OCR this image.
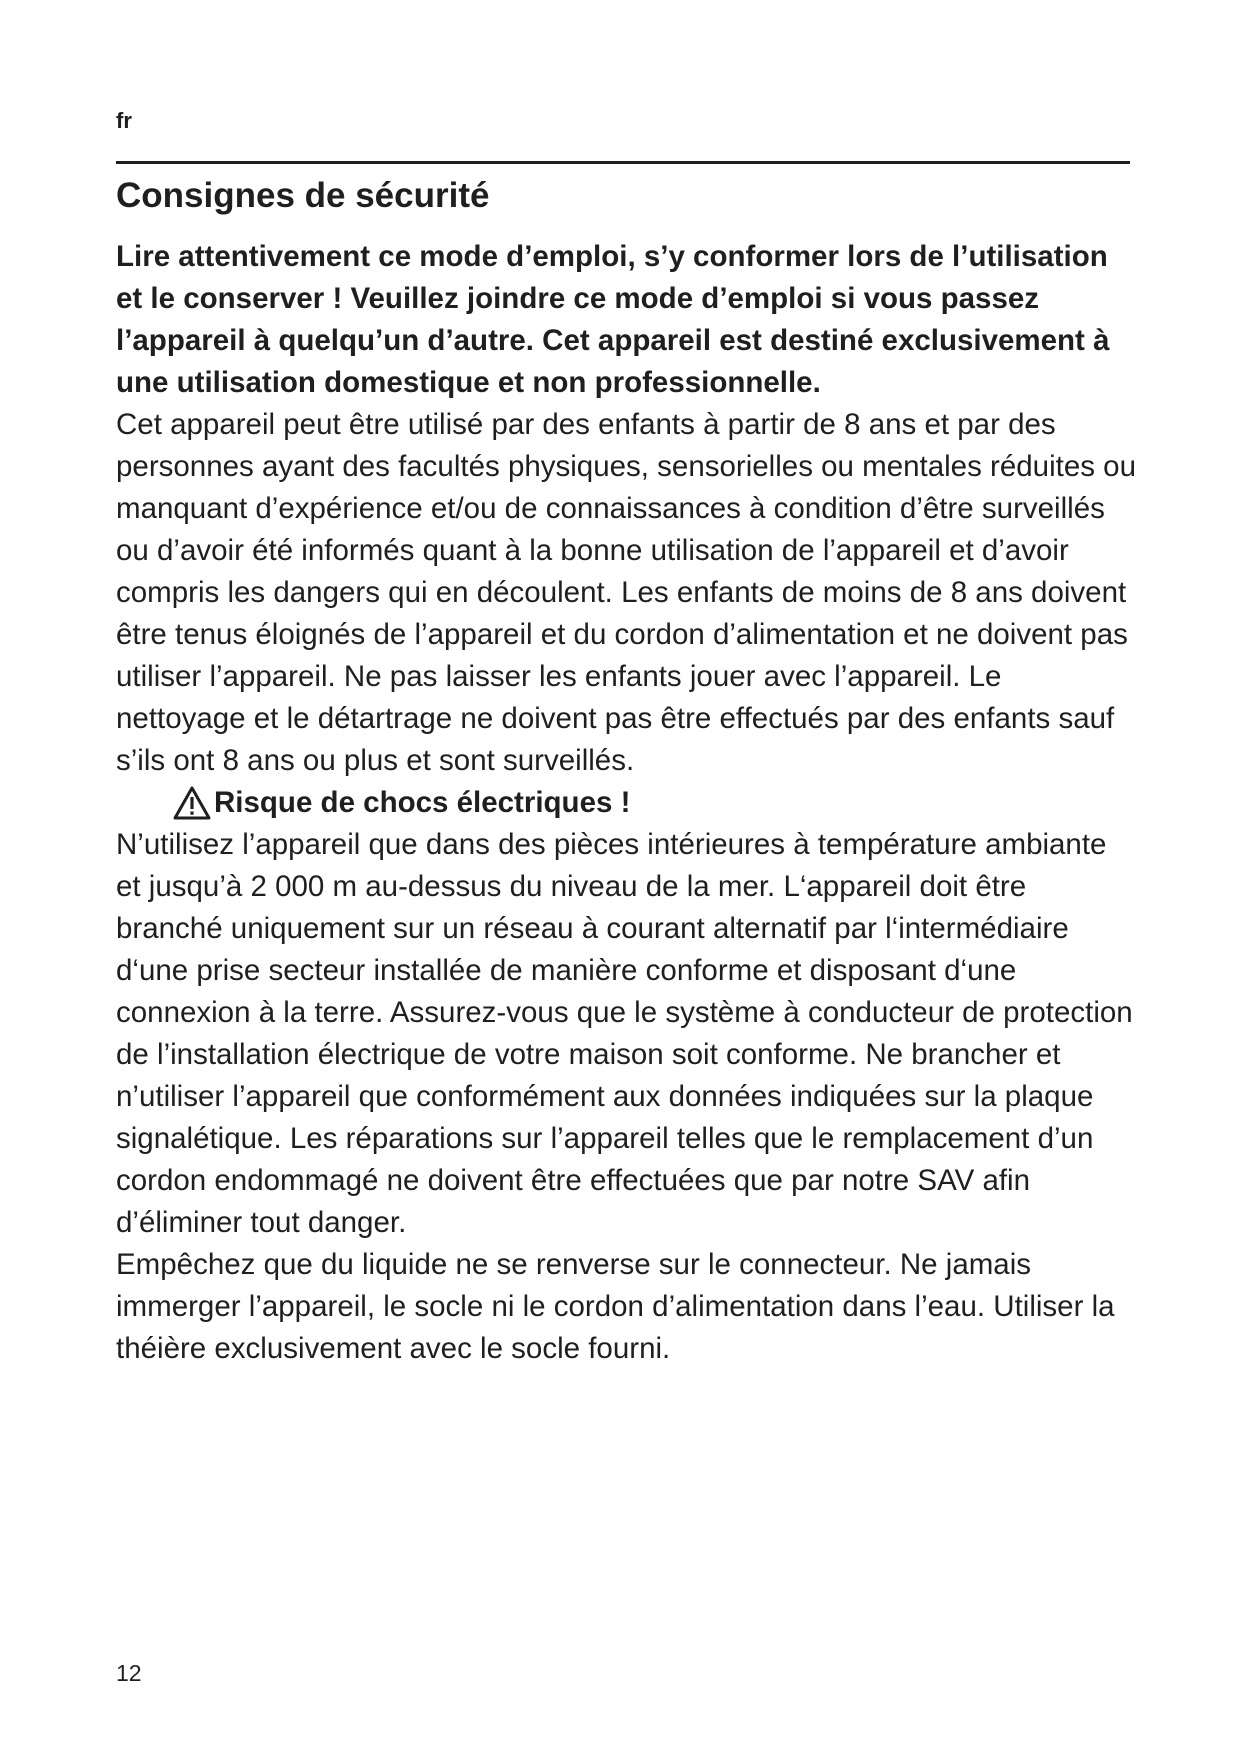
fr
Consignes de sécurité

Lire attentivement ce mode d’emploi, s’y conformer lors de l’utilisation et le conserver ! Veuillez joindre ce mode d’emploi si vous passez l’appareil à quelqu’un d’autre. Cet appareil est destiné exclusivement à une utilisation domestique et non professionnelle.

Cet appareil peut être utilisé par des enfants à partir de 8 ans et par des personnes ayant des facultés physiques, sensorielles ou mentales réduites ou manquant d’expérience et/ou de connaissances à condition d’être surveillés ou d’avoir été informés quant à la bonne utilisation de l’appareil et d’avoir compris les dangers qui en découlent. Les enfants de moins de 8 ans doivent être tenus éloignés de l’appareil et du cordon d’alimentation et ne doivent pas utiliser l’appareil. Ne pas laisser les enfants jouer avec l’appareil. Le nettoyage et le détartrage ne doivent pas être effectués par des enfants sauf s’ils ont 8 ans ou plus et sont surveillés.

Risque de chocs électriques !

N’utilisez l’appareil que dans des pièces intérieures à température ambiante et jusqu’à 2 000 m au-dessus du niveau de la mer. L‘appareil doit être branché uniquement sur un réseau à courant alternatif par l‘intermédiaire d‘une prise secteur installée de manière conforme et disposant d‘une connexion à la terre. Assurez-vous que le système à conducteur de protection de l’installation électrique de votre maison soit conforme. Ne brancher et n’utiliser l’appareil que conformément aux données indiquées sur la plaque signalétique. Les réparations sur l’appareil telles que le remplacement d’un cordon endommagé ne doivent être effectuées que par notre SAV afin d’éliminer tout danger.

Empêchez que du liquide ne se renverse sur le connecteur. Ne jamais immerger l’appareil, le socle ni le cordon d’alimentation dans l’eau. Utiliser la théière exclusivement avec le socle fourni.

12
